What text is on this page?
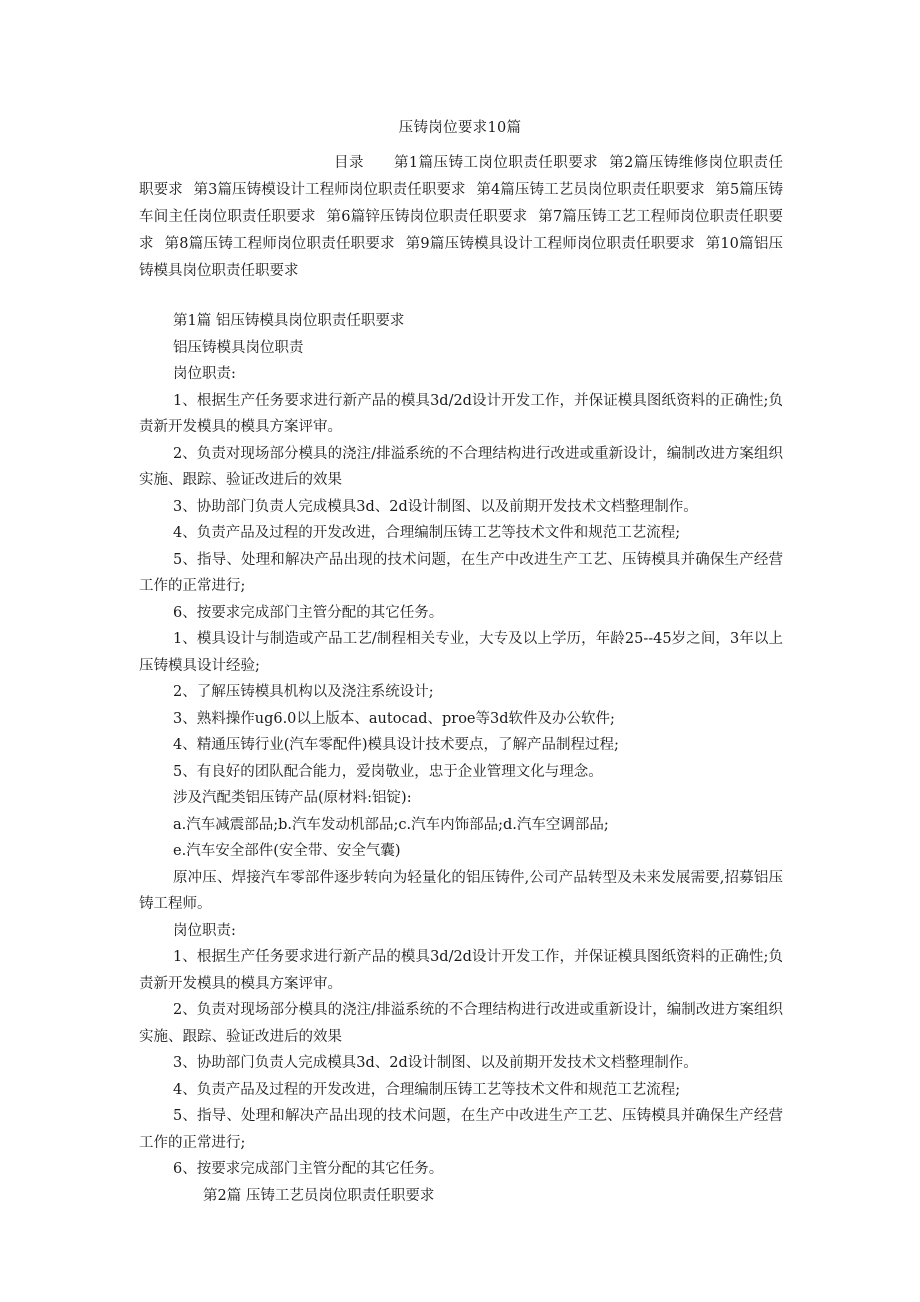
压铸岗位要求10篇

目录 第1篇压铸工岗位职责任职要求 第2篇压铸维修岗位职责任职要求 第3篇压铸模设计工程师岗位职责任职要求 第4篇压铸工艺员岗位职责任职要求 第5篇压铸车间主任岗位职责任职要求 第6篇锌压铸岗位职责任职要求 第7篇压铸工艺工程师岗位职责任职要求 第8篇压铸工程师岗位职责任职要求 第9篇压铸模具设计工程师岗位职责任职要求 第10篇铝压铸模具岗位职责任职要求

第1篇 铝压铸模具岗位职责任职要求

铝压铸模具岗位职责

岗位职责:

1、根据生产任务要求进行新产品的模具3d/2d设计开发工作，并保证模具图纸资料的正确性;负责新开发模具的模具方案评审。

2、负责对现场部分模具的浇注/排溢系统的不合理结构进行改进或重新设计，编制改进方案组织实施、跟踪、验证改进后的效果

3、协助部门负责人完成模具3d、2d设计制图、以及前期开发技术文档整理制作。

4、负责产品及过程的开发改进，合理编制压铸工艺等技术文件和规范工艺流程;

5、指导、处理和解决产品出现的技术问题，在生产中改进生产工艺、压铸模具并确保生产经营工作的正常进行;

6、按要求完成部门主管分配的其它任务。

1、模具设计与制造或产品工艺/制程相关专业，大专及以上学历，年龄25--45岁之间，3年以上压铸模具设计经验;

2、了解压铸模具机构以及浇注系统设计;

3、熟料操作ug6.0以上版本、autocad、proe等3d软件及办公软件;

4、精通压铸行业(汽车零配件)模具设计技术要点，了解产品制程过程;

5、有良好的团队配合能力，爱岗敬业，忠于企业管理文化与理念。

涉及汽配类铝压铸产品(原材料:铝锭):

a.汽车减震部品;b.汽车发动机部品;c.汽车内饰部品;d.汽车空调部品;

e.汽车安全部件(安全带、安全气囊)

原冲压、焊接汽车零部件逐步转向为轻量化的铝压铸件,公司产品转型及未来发展需要,招募铝压铸工程师。

岗位职责:

1、根据生产任务要求进行新产品的模具3d/2d设计开发工作，并保证模具图纸资料的正确性;负责新开发模具的模具方案评审。

2、负责对现场部分模具的浇注/排溢系统的不合理结构进行改进或重新设计，编制改进方案组织实施、跟踪、验证改进后的效果

3、协助部门负责人完成模具3d、2d设计制图、以及前期开发技术文档整理制作。

4、负责产品及过程的开发改进，合理编制压铸工艺等技术文件和规范工艺流程;

5、指导、处理和解决产品出现的技术问题，在生产中改进生产工艺、压铸模具并确保生产经营工作的正常进行;

6、按要求完成部门主管分配的其它任务。

第2篇 压铸工艺员岗位职责任职要求
